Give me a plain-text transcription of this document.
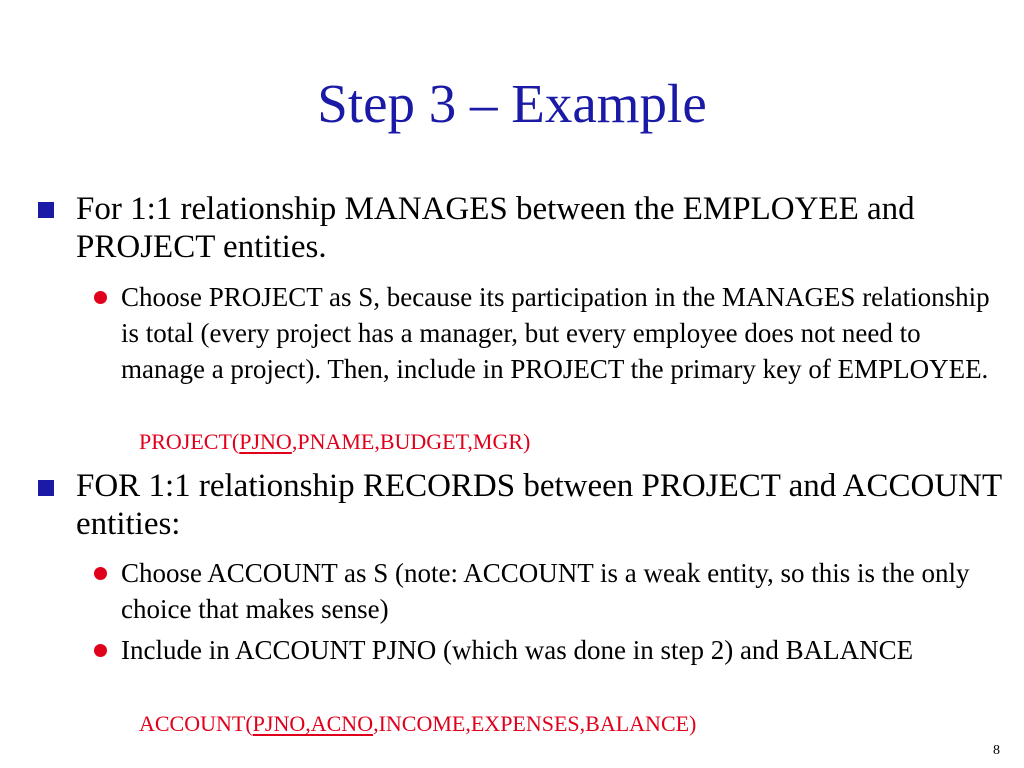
Step 3 – Example

For 1:1 relationship MANAGES between the EMPLOYEE and PROJECT entities.

Choose PROJECT as S, because its participation in the MANAGES relationship is total (every project has a manager, but every employee does not need to manage a project). Then, include in PROJECT the primary key of EMPLOYEE.

PROJECT(PJNO,PNAME,BUDGET,MGR)

FOR 1:1 relationship RECORDS between PROJECT and ACCOUNT entities:

Choose ACCOUNT as S (note: ACCOUNT is a weak entity, so this is the only choice that makes sense)

Include in ACCOUNT PJNO (which was done in step 2) and BALANCE

ACCOUNT(PJNO,ACNO,INCOME,EXPENSES,BALANCE)

8
